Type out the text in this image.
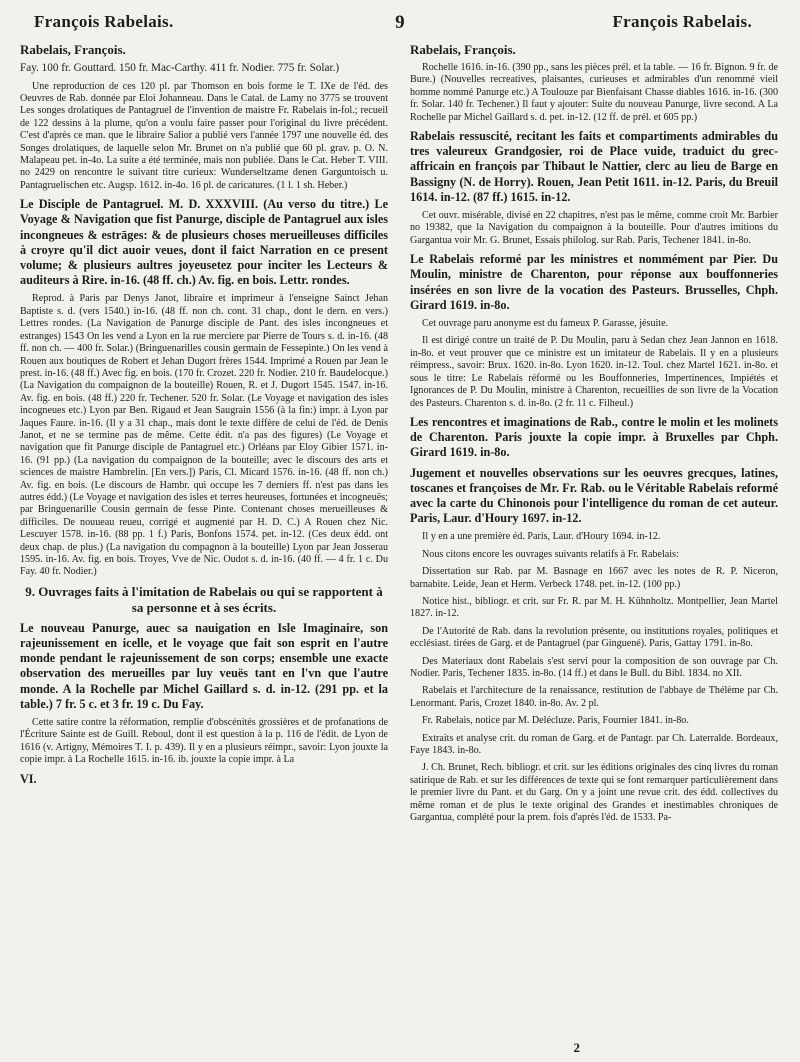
François Rabelais.	9	François Rabelais.
Rabelais, François.
Fay. 100 fr. Gouttard. 150 fr. Mac-Carthy. 411 fr. Nodier. 775 fr. Solar.)
Une reproduction de ces 120 pl. par Thomson en bois forme le T. IXe de l'éd. des Oeuvres de Rab. donnée par Eloi Johanneau. Dans le Catal. de Lamy no 3775 se trouvent Les songes drolatiques de Pantagruel de l'invention de maistre Fr. Rabelais in-fol.; recueil de 122 dessins à la plume, qu'on a voulu faire passer pour l'original du livre précédent. C'est d'après ce man. que le libraire Salior a publié vers l'année 1797 une nouvelle éd. des Songes drolatiques, de laquelle selon Mr. Brunet on n'a publié que 60 pl. grav. p. O. N. Malapeau pet. in-4o. La suite a été terminée, mais non publiée. Dans le Cat. Heber T. VIII. no 2429 on rencontre le suivant titre curieux: Wunderseltzame denen Garguntoisch u. Pantagruelischen etc. Augsp. 1612. in-4o. 16 pl. de caricatures. (1 l. 1 sh. Heber.)
Le Disciple de Pantagruel. M. D. XXXVIII. (Au verso du titre.) Le Voyage & Navigation que fist Panurge, disciple de Pantagruel aux isles incongneues & estrāges: & de plusieurs choses merueilleuses difficiles à croyre qu'il dict auoir veues, dont il faict Narration en ce present volume; & plusieurs aultres joyeusetez pour inciter les Lecteurs & auditeurs à Rire. in-16. (48 ff. ch.) Av. fig. en bois. Lettr. rondes.
Reprod. à Paris par Denys Janot, libraire et imprimeur à l'enseigne Sainct Jehan Baptiste s. d. (vers 1540.) in-16. (48 ff. non ch. cont. 31 chap., dont le dern. en vers.) Lettres rondes. (La Navigation de Panurge disciple de Pant. des isles incongneues et estranges) 1543 On les vend a Lyon en la rue merciere par Pierre de Tours s. d. in-16. (48 ff. non ch. — 400 fr. Solar.) (Bringuenarilles cousin germain de Fessepinte.) On les vend à Rouen aux boutiques de Robert et Jehan Dugort frères 1544. Imprimé a Rouen par Jean le prest. in-16. (48 ff.) Avec fig. en bois. (170 fr. Crozet. 220 fr. Nodier. 210 fr. Baudelocque.) (La Navigation du compaignon de la bouteille) Rouen, R. et J. Dugort 1545. 1547. in-16. Av. fig. en bois. (48 ff.) 220 fr. Techener. 520 fr. Solar. (Le Voyage et navigation des isles incogneues etc.) Lyon par Ben. Rigaud et Jean Saugrain 1556 (à la fin:) impr. à Lyon par Jaques Faure. in-16. (Il y a 31 chap., mais dont le texte diffère de celui de l'éd. de Denis Janot, et ne se termine pas de même. Cette édit. n'a pas des figures) (Le Voyage et navigation que fit Panurge disciple de Pantagruel etc.) Orléans par Eloy Gibier 1571. in-16. (91 pp.) (La navigation du compaignon de la bouteille; avec le discours des arts et sciences de maistre Hambrelin. [En vers.]) Paris, Cl. Micard 1576. in-16. (48 ff. non ch.) Av. fig. en bois. (Le discours de Hambr. qui occupe les 7 derniers ff. n'est pas dans les autres édd.) (Le Voyage et navigation des isles et terres heureuses, fortunées et incogneuës; par Bringuenarille Cousin germain de fesse Pinte. Contenant choses merueilleuses & difficiles. De nouueau reueu, corrigé et augmenté par H. D. C.) A Rouen chez Nic. Lescuyer 1578. in-16. (88 pp. 1 f.) Paris, Bonfons 1574. pet. in-12. (Ces deux édd. ont deux chap. de plus.) (La navigation du compagnon à la bouteille) Lyon par Jean Josserau 1595. in-16. Av. fig. en bois. Troyes, Vve de Nic. Oudot s. d. in-16. (40 ff. — 4 fr. 1 c. Du Fay. 40 fr. Nodier.)
9. Ouvrages faits à l'imitation de Rabelais ou qui se rapportent à sa personne et à ses écrits.
Le nouveau Panurge, auec sa nauigation en Isle Imaginaire, son rajeunissement en icelle, et le voyage que fait son esprit en l'autre monde pendant le rajeunissement de son corps; ensemble une exacte observation des merueilles par luy veuës tant en l'vn que l'autre monde. A la Rochelle par Michel Gaillard s. d. in-12. (291 pp. et la table.) 7 fr. 5 c. et 3 fr. 19 c. Du Fay.
Cette satire contre la réformation, remplie d'obscénités grossières et de profanations de l'Écriture Sainte est de Guill. Reboul, dont il est question à la p. 116 de l'édit. de Lyon de 1616 (v. Artigny, Mémoires T. I. p. 439). Il y en a plusieurs réimpr., savoir: Lyon jouxte la copie impr. à La Rochelle 1615. in-16. ib. jouxte la copie impr. à La
VI.
Rabelais, François.
Rochelle 1616. in-16. (390 pp., sans les pièces prél. et la table. — 16 fr. Bignon. 9 fr. de Bure.) (Nouvelles recreatives, plaisantes, curieuses et admirables d'un renommé vieil homme nommé Panurge etc.) A Toulouze par Bienfaisant Chasse diables 1616. in-16. (300 fr. Solar. 140 fr. Techener.) Il faut y ajouter: Suite du nouveau Panurge, livre second. A La Rochelle par Michel Gaillard s. d. pet. in-12. (12 ff. de prél. et 605 pp.)
Rabelais ressuscité, recitant les faits et compartiments admirables du tres valeureux Grandgosier, roi de Place vuide, traduict du grec-affricain en françois par Thibaut le Nattier, clerc au lieu de Barge en Bassigny (N. de Horry). Rouen, Jean Petit 1611. in-12. Paris, du Breuil 1614. in-12. (87 ff.) 1615. in-12.
Cet ouvr. misérable, divisé en 22 chapitres, n'est pas le même, comme croit Mr. Barbier no 19382, que la Navigation du compaignon à la bouteille. Pour d'autres imitions du Gargantua voir Mr. G. Brunet, Essais philolog. sur Rab. Paris, Techener 1841. in-8o.
Le Rabelais reformé par les ministres et nommément par Pier. Du Moulin, ministre de Charenton, pour réponse aux bouffonneries insérées en son livre de la vocation des Pasteurs. Brusselles, Chph. Girard 1619. in-8o.
Cet ouvrage paru anonyme est du fameux P. Garasse, jésuite.
Il est dirigé contre un traité de P. Du Moulin, paru à Sedan chez Jean Jannon en 1618. in-8o. et veut prouver que ce ministre est un imitateur de Rabelais. Il y en a plusieurs réimpress., savoir: Brux. 1620. in-8o. Lyon 1620. in-12. Toul. chez Martel 1621. in-8o. et sous le titre: Le Rabelais réformé ou les Bouffonneries, Impertinences, Impiétés et Ignorances de P. Du Moulin, ministre à Charenton, recueillies de son livre de la Vocation des Pasteurs. Charenton s. d. in-8o. (2 fr. 11 c. Filheul.)
Les rencontres et imaginations de Rab., contre le molin et les molinets de Charenton. Paris jouxte la copie impr. à Bruxelles par Chph. Girard 1619. in-8o.
Jugement et nouvelles observations sur les oeuvres grecques, latines, toscanes et françoises de Mr. Fr. Rab. ou le Véritable Rabelais reformé avec la carte du Chinonois pour l'intelligence du roman de cet auteur. Paris, Laur. d'Houry 1697. in-12.
Il y en a une première éd. Paris, Laur. d'Houry 1694. in-12.
Nous citons encore les ouvrages suivants relatifs à Fr. Rabelais:
Dissertation sur Rab. par M. Basnage en 1667 avec les notes de R. P. Niceron, barnabite. Leide, Jean et Herm. Verbeck 1748. pet. in-12. (100 pp.)
Notice hist., bibliogr. et crit. sur Fr. R. par M. H. Kühnholtz. Montpellier, Jean Martel 1827. in-12.
De l'Autorité de Rab. dans la revolution présente, ou institutions royales, politiques et ecclésiast. tirées de Garg. et de Pantagruel (par Ginguené). Paris, Gattay 1791. in-8o.
Des Materiaux dont Rabelais s'est servi pour la composition de son ouvrage par Ch. Nodier. Paris, Techener 1835. in-8o. (14 ff.) et dans le Bull. du Bibl. 1834. no XII.
Rabelais et l'architecture de la renaissance, restitution de l'abbaye de Thélème par Ch. Lenormant. Paris, Crozet 1840. in-8o. Av. 2 pl.
Fr. Rabelais, notice par M. Delécluze. Paris, Fournier 1841. in-8o.
Extraits et analyse crit. du roman de Garg. et de Pantagr. par Ch. Laterralde. Bordeaux, Faye 1843. in-8o.
J. Ch. Brunet, Rech. bibliogr. et crit. sur les éditions originales des cinq livres du roman satirique de Rab. et sur les différences de texte qui se font remarquer particulièrement dans le premier livre du Pant. et du Garg. On y a joint une revue crit. des édd. collectives du même roman et de plus le texte original des Grandes et inestimables chroniques de Gargantua, complété pour la prem. fois d'après l'éd. de 1533. Pa-
2
